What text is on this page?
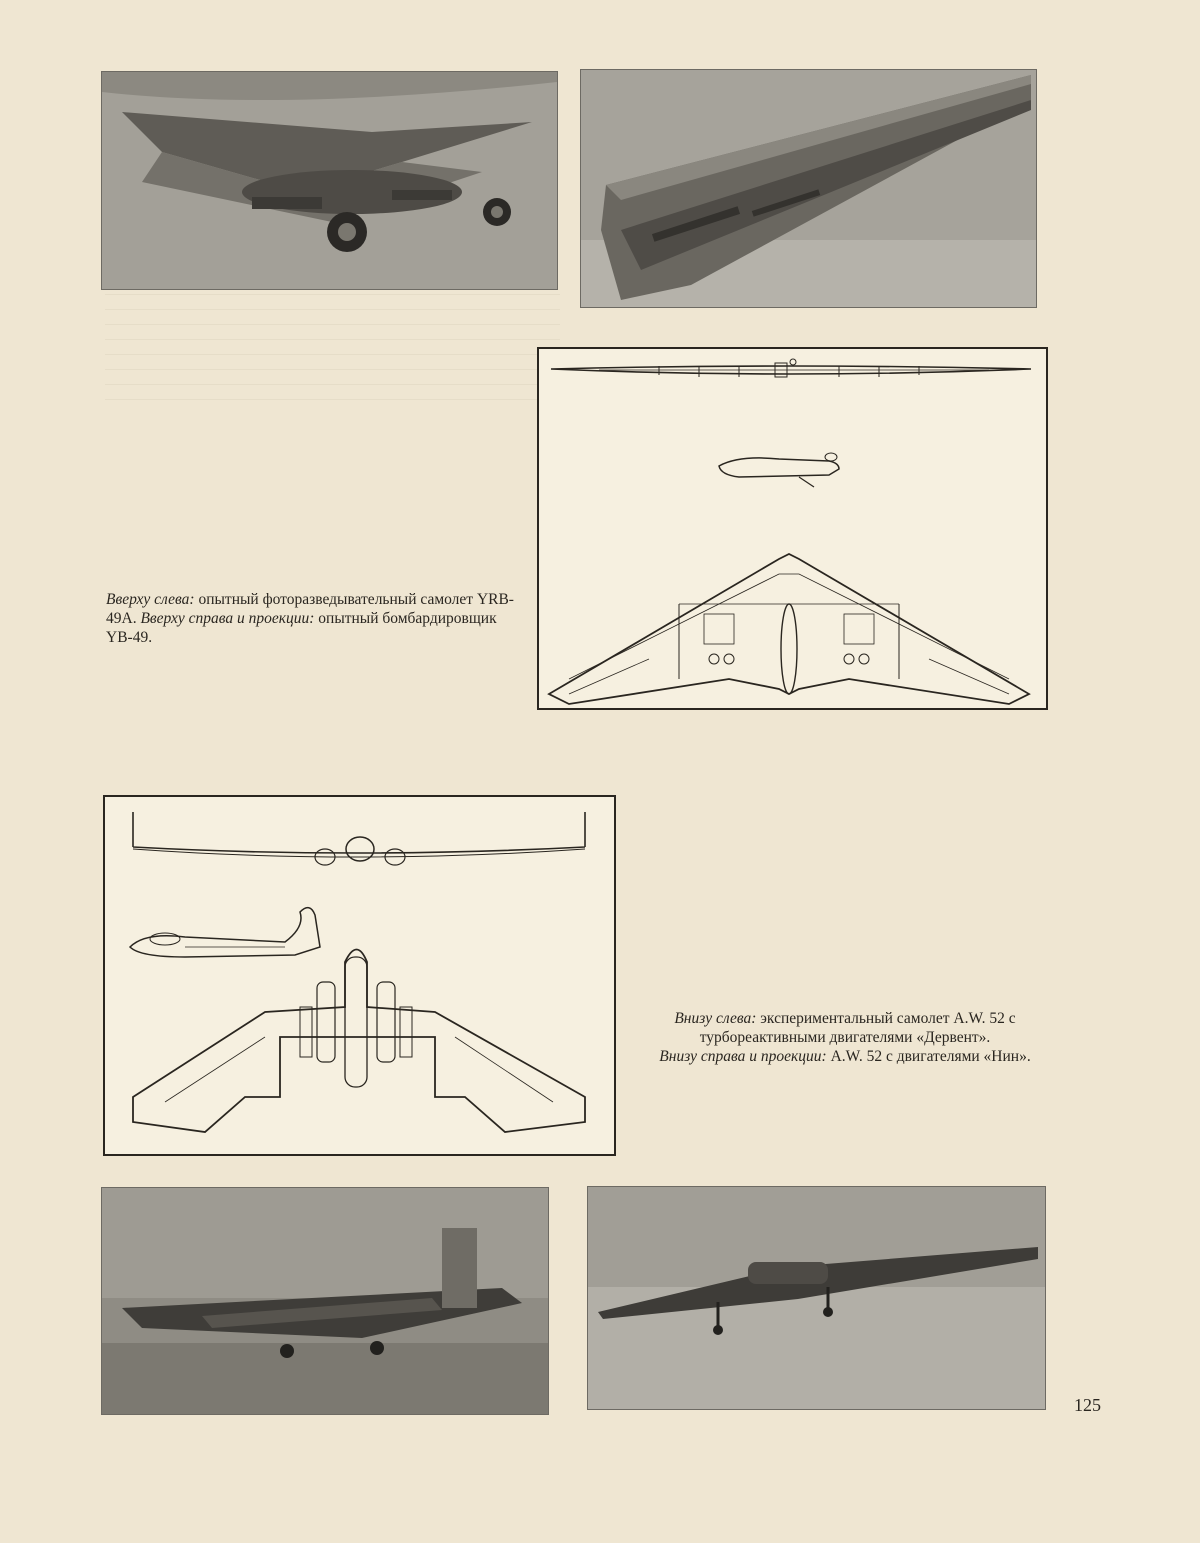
Вверху слева: опытный фоторазведывательный самолет YRB-49A. Вверху справа и проекции: опытный бомбардировщик YB-49.
Внизу слева: экспериментальный самолет A.W. 52 с турбореактивными двигателями «Дервент».
Внизу справа и проекции: A.W. 52 с двигателями «Нин».
125
